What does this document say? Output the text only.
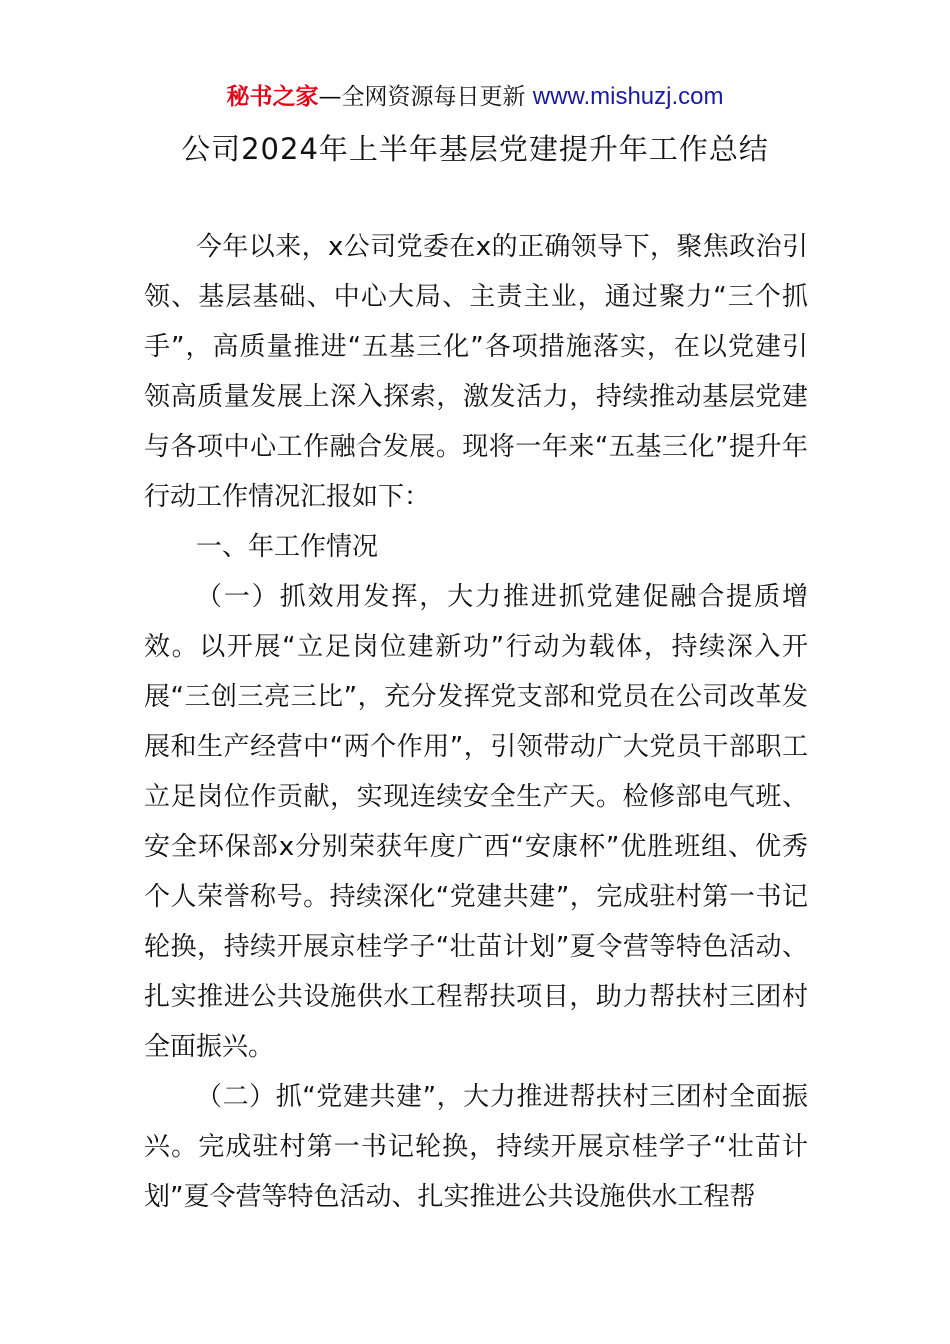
秘书之家—全网资源每日更新 www.mishuzj.com
公司2024年上半年基层党建提升年工作总结

今年以来，x公司党委在x的正确领导下，聚焦政治引领、基层基础、中心大局、主责主业，通过聚力“三个抓手”，高质量推进“五基三化”各项措施落实，在以党建引领高质量发展上深入探索，激发活力，持续推动基层党建与各项中心工作融合发展。现将一年来“五基三化”提升年行动工作情况汇报如下：

一、年工作情况

（一）抓效用发挥，大力推进抓党建促融合提质增效。以开展“立足岗位建新功”行动为载体，持续深入开展“三创三亮三比”，充分发挥党支部和党员在公司改革发展和生产经营中“两个作用”，引领带动广大党员干部职工立足岗位作贡献，实现连续安全生产天。检修部电气班、安全环保部x分别荣获年度广西“安康杯”优胜班组、优秀个人荣誉称号。持续深化“党建共建”，完成驻村第一书记轮换，持续开展京桂学子“壮苗计划”夏令营等特色活动、扎实推进公共设施供水工程帮扶项目，助力帮扶村三团村全面振兴。

（二）抓“党建共建”，大力推进帮扶村三团村全面振兴。完成驻村第一书记轮换，持续开展京桂学子“壮苗计划”夏令营等特色活动、扎实推进公共设施供水工程帮
